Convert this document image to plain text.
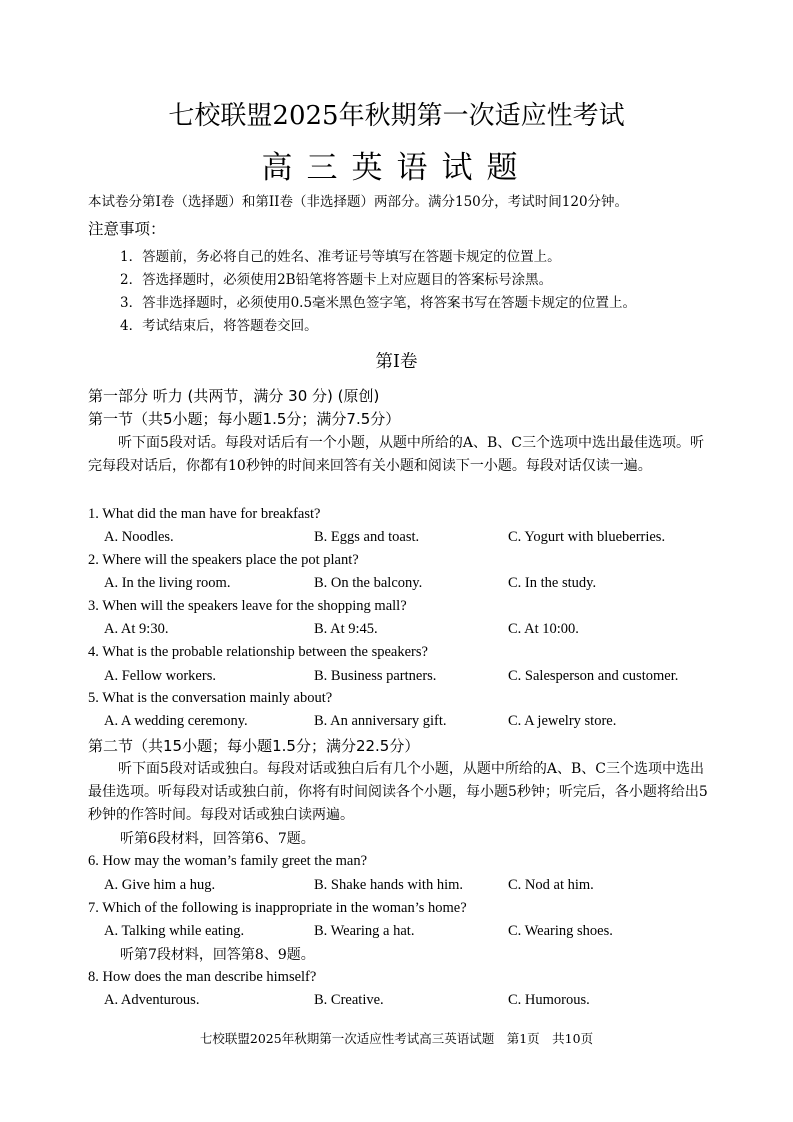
七校联盟2025年秋期第一次适应性考试
高三英语试题
本试卷分第I卷（选择题）和第II卷（非选择题）两部分。满分150分，考试时间120分钟。
注意事项：
1．答题前，务必将自己的姓名、准考证号等填写在答题卡规定的位置上。
2．答选择题时，必须使用2B铅笔将答题卡上对应题目的答案标号涂黑。
3．答非选择题时，必须使用0.5毫米黑色签字笔，将答案书写在答题卡规定的位置上。
4．考试结束后，将答题卷交回。
第I卷
第一部分 听力 (共两节，满分 30 分) (原创)
第一节（共5小题；每小题1.5分；满分7.5分）
听下面5段对话。每段对话后有一个小题，从题中所给的A、B、C三个选项中选出最佳选项。听完每段对话后，你都有10秒钟的时间来回答有关小题和阅读下一小题。每段对话仅读一遍。
1. What did the man have for breakfast?
A. Noodles.	B. Eggs and toast.	C. Yogurt with blueberries.
2. Where will the speakers place the pot plant?
A. In the living room.	B. On the balcony.	C. In the study.
3. When will the speakers leave for the shopping mall?
A. At 9:30.	B. At 9:45.	C. At 10:00.
4. What is the probable relationship between the speakers?
A. Fellow workers.	B. Business partners.	C. Salesperson and customer.
5. What is the conversation mainly about?
A. A wedding ceremony.	B. An anniversary gift.	C. A jewelry store.
第二节（共15小题；每小题1.5分；满分22.5分）
听下面5段对话或独白。每段对话或独白后有几个小题，从题中所给的A、B、C三个选项中选出最佳选项。听每段对话或独白前，你将有时间阅读各个小题，每小题5秒钟；听完后，各小题将给出5秒钟的作答时间。每段对话或独白读两遍。
听第6段材料，回答第6、7题。
6. How may the woman’s family greet the man?
A. Give him a hug.	B. Shake hands with him.	C. Nod at him.
7. Which of the following is inappropriate in the woman’s home?
A. Talking while eating.	B. Wearing a hat.	C. Wearing shoes.
听第7段材料，回答第8、9题。
8. How does the man describe himself?
A. Adventurous.	B. Creative.	C. Humorous.
七校联盟2025年秋期第一次适应性考试高三英语试题　第1页　共10页
